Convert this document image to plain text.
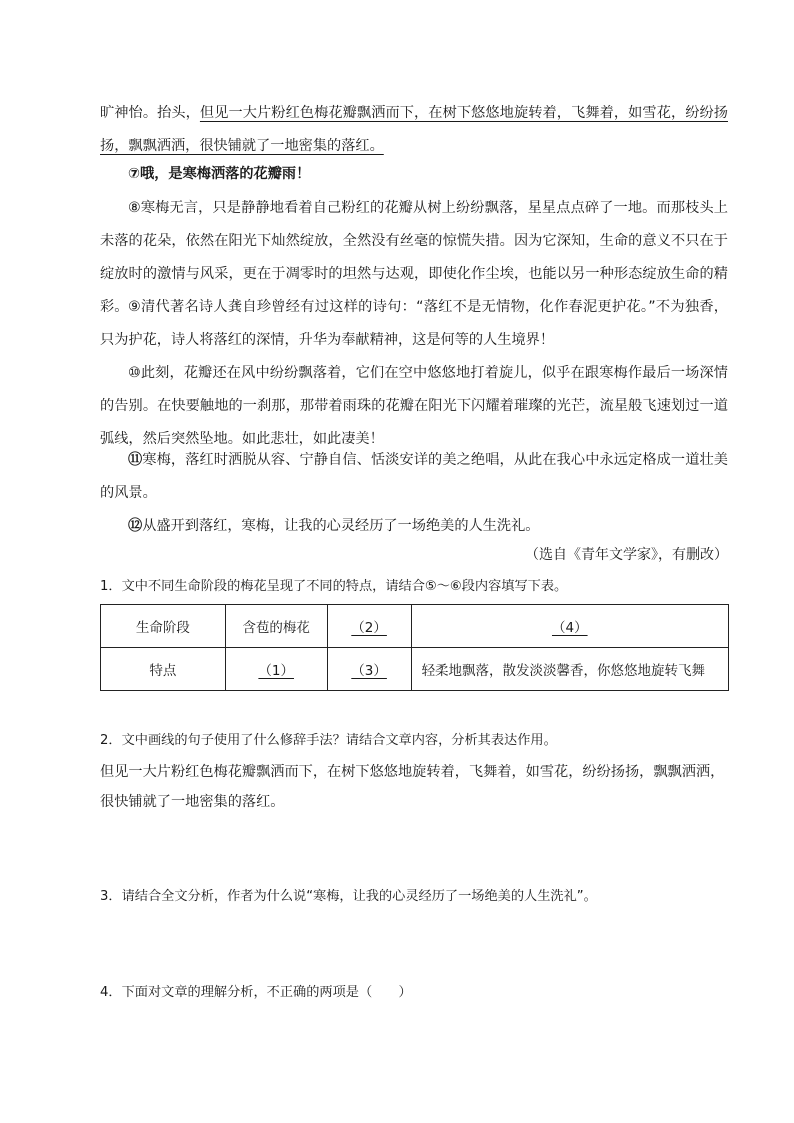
旷神怡。抬头，但见一大片粉红色梅花瓣飘洒而下，在树下悠悠地旋转着，飞舞着，如雪花，纷纷扬扬，飘飘洒洒，很快铺就了一地密集的落红。

⑦哦，是寒梅洒落的花瓣雨！

⑧寒梅无言，只是静静地看着自己粉红的花瓣从树上纷纷飘落，星星点点碎了一地。而那枝头上未落的花朵，依然在阳光下灿然绽放，全然没有丝毫的惊慌失措。因为它深知，生命的意义不只在于绽放时的激情与风采，更在于凋零时的坦然与达观，即使化作尘埃，也能以另一种形态绽放生命的精彩。 ⑨清代著名诗人龚自珍曾经有过这样的诗句：“落红不是无情物，化作春泥更护花。”不为独香，只为护花，诗人将落红的深情，升华为奉献精神，这是何等的人生境界！

⑩此刻，花瓣还在风中纷纷飘落着，它们在空中悠悠地打着旋儿，似乎在跟寒梅作最后一场深情的告别。在快要触地的一刹那，那带着雨珠的花瓣在阳光下闪耀着璀璨的光芒，流星般飞速划过一道弧线，然后突然坠地。如此悲壮，如此凄美！

⑪寒梅，落红时洒脱从容、宁静自信、恬淡安详的美之绝唱，从此在我心中永远定格成一道壮美的风景。

⑫从盛开到落红，寒梅，让我的心灵经历了一场绝美的人生洗礼。

（选自《青年文学家》，有删改）

1．文中不同生命阶段的梅花呈现了不同的特点，请结合⑤～⑥段内容填写下表。

生命阶段	含苞的梅花	（2）	（4）
特点	（1）	（3）	轻柔地飘落，散发淡淡馨香，你悠悠地旋转飞舞

2．文中画线的句子使用了什么修辞手法？请结合文章内容，分析其表达作用。

但见一大片粉红色梅花瓣飘洒而下，在树下悠悠地旋转着，飞舞着，如雪花，纷纷扬扬，飘飘洒洒，很快铺就了一地密集的落红。

3．请结合全文分析，作者为什么说“寒梅，让我的心灵经历了一场绝美的人生洗礼”。

4．下面对文章的理解分析，不正确的两项是（　　）
